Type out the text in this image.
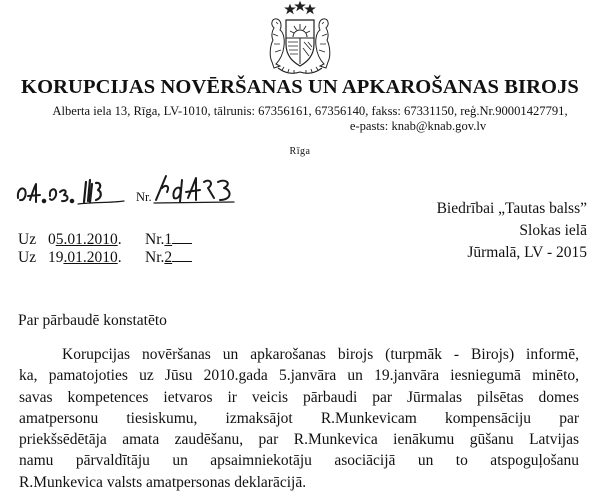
KORUPCIJAS NOVĒRŠANAS UN APKAROŠANAS BIROJS
Alberta iela 13, Rīga, LV-1010, tālrunis: 67356161, 67356140, fakss: 67331150, reģ.Nr.90001427791,
e-pasts: knab@knab.gov.lv
Rīga
Nr.
Biedrībai „Tautas balss”
Slokas ielā
Jūrmalā, LV - 2015
Uz 05.01.2010. Nr.1
Uz 19.01.2010. Nr.2
Par pārbaudē konstatēto
Korupcijas novēršanas un apkarošanas birojs (turpmāk - Birojs) informē,
ka, pamatojoties uz Jūsu 2010.gada 5.janvāra un 19.janvāra iesniegumā minēto,
savas kompetences ietvaros ir veicis pārbaudi par Jūrmalas pilsētas domes
amatpersonu tiesiskumu, izmaksājot R.Munkevicam kompensāciju par
priekšsēdētāja amata zaudēšanu, par R.Munkevica ienākumu gūšanu Latvijas
namu pārvaldītāju un apsaimniekotāju asociācijā un to atspoguļošanu
R.Munkevica valsts amatpersonas deklarācijā.
